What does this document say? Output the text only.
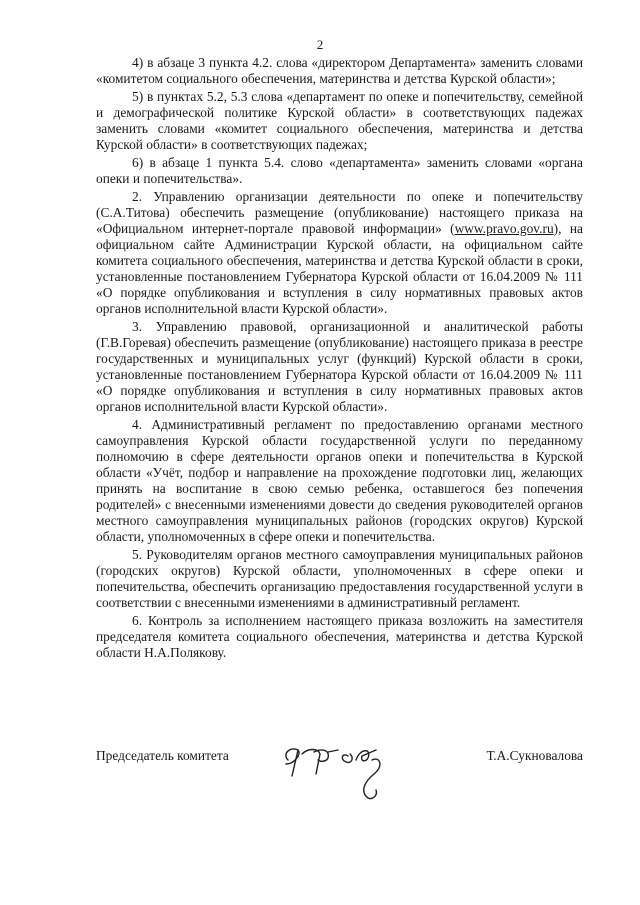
2

4) в абзаце 3 пункта 4.2. слова «директором Департамента» заменить словами «комитетом социального обеспечения, материнства и детства Курской области»;

5) в пунктах 5.2, 5.3 слова «департамент по опеке и попечительству, семейной и демографической политике Курской области» в соответствующих падежах заменить словами «комитет социального обеспечения, материнства и детства Курской области» в соответствующих падежах;

6) в абзаце 1 пункта 5.4. слово «департамента» заменить словами «органа опеки и попечительства».

2. Управлению организации деятельности по опеке и попечительству (С.А.Титова) обеспечить размещение (опубликование) настоящего приказа на «Официальном интернет-портале правовой информации» (www.pravo.gov.ru), на официальном сайте Администрации Курской области, на официальном сайте комитета социального обеспечения, материнства и детства Курской области в сроки, установленные постановлением Губернатора Курской области от 16.04.2009 № 111 «О порядке опубликования и вступления в силу нормативных правовых актов органов исполнительной власти Курской области».

3. Управлению правовой, организационной и аналитической работы (Г.В.Горевая) обеспечить размещение (опубликование) настоящего приказа в реестре государственных и муниципальных услуг (функций) Курской области в сроки, установленные постановлением Губернатора Курской области от 16.04.2009 № 111 «О порядке опубликования и вступления в силу нормативных правовых актов органов исполнительной власти Курской области».

4. Административный регламент по предоставлению органами местного самоуправления Курской области государственной услуги по переданному полномочию в сфере деятельности органов опеки и попечительства в Курской области «Учёт, подбор и направление на прохождение подготовки лиц, желающих принять на воспитание в свою семью ребенка, оставшегося без попечения родителей» с внесенными изменениями довести до сведения руководителей органов местного самоуправления муниципальных районов (городских округов) Курской области, уполномоченных в сфере опеки и попечительства.

5. Руководителям органов местного самоуправления муниципальных районов (городских округов) Курской области, уполномоченных в сфере опеки и попечительства, обеспечить организацию предоставления государственной услуги в соответствии с внесенными изменениями в административный регламент.

6. Контроль за исполнением настоящего приказа возложить на заместителя председателя комитета социального обеспечения, материнства и детства Курской области Н.А.Полякову.

Председатель комитета	Т.А.Сукновалова
